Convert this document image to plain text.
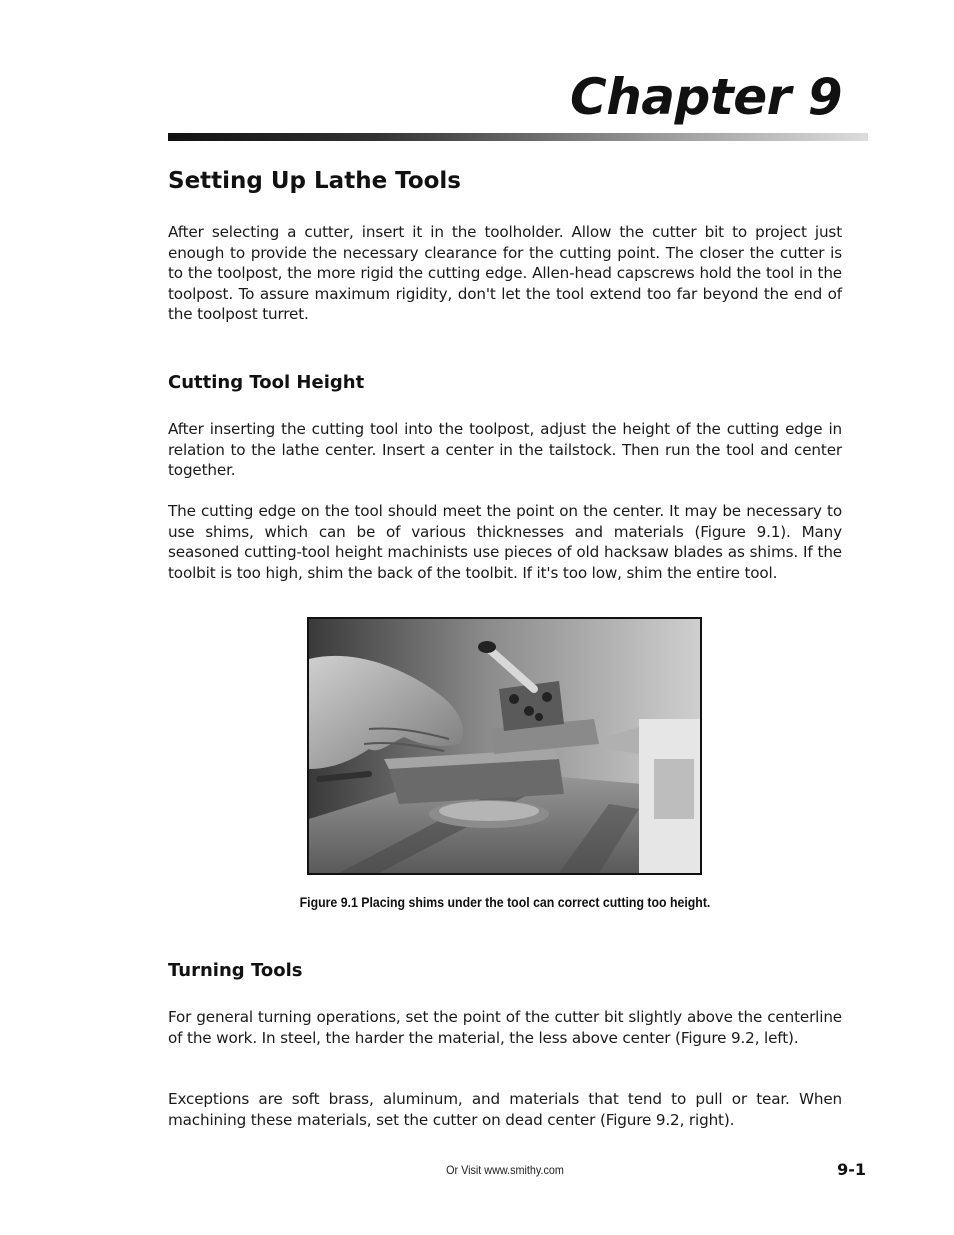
Chapter 9
Setting Up Lathe Tools

After selecting a cutter, insert it in the toolholder. Allow the cutter bit to project just enough to provide the necessary clearance for the cutting point. The closer the cutter is to the toolpost, the more rigid the cutting edge. Allen-head capscrews hold the tool in the toolpost. To assure maximum rigidity, don't let the tool extend too far beyond the end of the toolpost turret.

Cutting Tool Height

After inserting the cutting tool into the toolpost, adjust the height of the cutting edge in relation to the lathe center. Insert a center in the tailstock. Then run the tool and center together.

The cutting edge on the tool should meet the point on the center. It may be necessary to use shims, which can be of various thicknesses and materials (Figure 9.1). Many seasoned cutting-tool height machinists use pieces of old hacksaw blades as shims. If the toolbit is too high, shim the back of the toolbit. If it's too low, shim the entire tool.

Figure 9.1 Placing shims under the tool can correct cutting too height.

Turning Tools

For general turning operations, set the point of the cutter bit slightly above the centerline of the work. In steel, the harder the material, the less above center (Figure 9.2, left).

Exceptions are soft brass, aluminum, and materials that tend to pull or tear. When machining these materials, set the cutter on dead center (Figure 9.2, right).

Or Visit www.smithy.com	9-1
